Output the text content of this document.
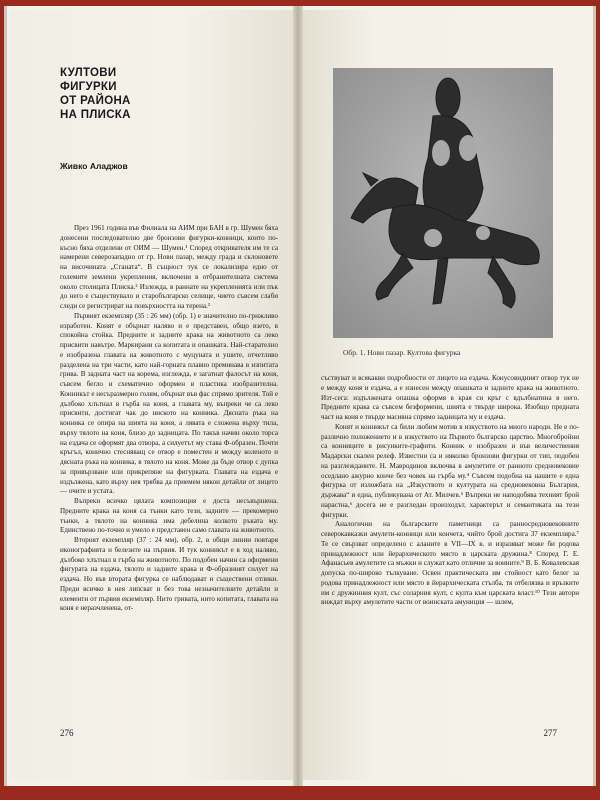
КУЛТОВИ
ФИГУРКИ
ОТ РАЙОНА
НА ПЛИСКА
Живко Аладжов

През 1961 година във Филиала на АИМ при БАН в гр. Шумен бяха донесени последователно две бронзови фигурки-конници, които по-късно бяха отделени от ОИМ — Шумен.¹ Според откривателя им те са намерени северозападно от гр. Нови пазар, между града и склоновете на височината „Сганата“. В същност тук се локализира едно от големите землени укрепления, включени в отбранителната система около столицата Плиска.² Излежда, в раннате на укрепленията или пък до него е съществувало и старобългарско селище, чието съвсем слаби следи се регистрират на повърхността на терена.³

Първият екземпляр (35 : 26 мм) (обр. 1) е значително по-грижливо изработен. Конят е обърнат наляво и е представен, общо взето, в спокойна стойка. Предните и задните крака на животното са леко присвити навътре. Маркирани са копитата и опашката. Най-старателно е изобразена главата на животното с муцуната и ушите, отчетливо разделена на три части, като най-горната плавно преминава в изпитата грива. В задната част на корема, изглежда, е загатнат фалосът на коня, съвсем бегло и схематично оформен в пластика изобразителна. Конникът е несъразмерно голям, обърнат във фас спрямо зрителя. Той е дълбоко хлътнал в гърба на коня, а главата му, въпреки че са леко присвити, достигат чак до ниското на конника. Дясната ръка на конника се опира на шията на коня, а лявата е сложена върху тила, върху тялото на коня, близо до задницата. По такъв начин около торса на ездача се оформят два отвора, а силуетът му става Ф-образен. Почти кръгъл, конично стесняващ се отвор е поместен и между коленото и дясната ръка на конника, в тялото на коня. Може да бъде отвор с дупка за привързване или прикрепяне на фигурката. Главата на ездача е издължена, като върху нея трябва да приемем някои детайли от лицето — очите и устата.

Въпреки всичко цялата композиция е доста несъвършена. Предните крака на коня са тънки като тези, задните — прекомерно тънки, а тялото на конника има дебелина колкото ръката му. Единствено по-точно и умело е представен само главата на животното.

Вторият екземпляр (37 : 24 мм), обр. 2, в общи линии повтаря иконографията и белезите на първия. И тук конникът е в ход наляво, дълбоко хлътнал в гърба на животното. По подобен начин са оформени фигурата на ездача, тялото и задните крака и Ф-образният силует на ездача. Но във втората фигурка се наблюдават и съществени отлики. Преди всичко в нея липсват и без това незначителните детайли и елементи от първия екземпляр. Нито гривата, нито копитата, главата на коня е неразчленена, от-

276
Обр. 1. Нови пазар. Култова фигурка

съствуват и всякакви подробности от лицето на ездача. Конусовидният отвор тук не е между коня и ездача, а е изнесен между опашката и задните крака на животното. Изт-сега: издължената опашка оформя в края си кръг с вдълбнатина в него. Предните крака са съвсем безформени, шията е твърде широка. Изобщо предната част на коня е твърде масивна спрямо задницата му и ездача.

Конят и конникът са били любим мотив в изкуството на много народи. Не е по-различно положението и в изкуството на Първото българско царство. Многобройни са конниците в рисунките-графити. Конник е изобразен и във величествения Мадарски скален релеф. Известни са и няколко бронзови фигурки от тип, подобен на разглежданите. Н. Мавродинов включва в амулетите от ранното средновековие оседлано ажурно конче без човек на гърба му.⁴ Съвсем подобна на нашите е една фигурка от изложбата на „Изкуството и културата на средновековна България, държава“ и една, публикувана от Ат. Милчев.⁵ Въпреки не наподобява техният брой нарастна,⁶ досега не е разгледан произходът, характерът и семантиката на тези фигурки.

Аналогични на българските паметници са ранносредновековните северокавказки амулети-конници или кончета, чийто брой достига 37 екземпляра.⁷ Те се свързват определено с аланите в VII—IX в. и изразяват може би родова принадлежност или йерархическото място в царската дружина.⁸ Според Г. Е. Афанасьев амулетите са мъжки и служат като отличие за воините.⁹ В. Б. Ковалевская допуска по-широко тълкуване. Освен практическата им стойност като белег за родова принадлежност или място в йерархическата стълба, тя отбелязва и връзките им с дружинния култ, със соларния култ, с култа към царската власт.¹⁰ Тези автори виждат върху амулетите части от воинската амуниция — шлем,

277
